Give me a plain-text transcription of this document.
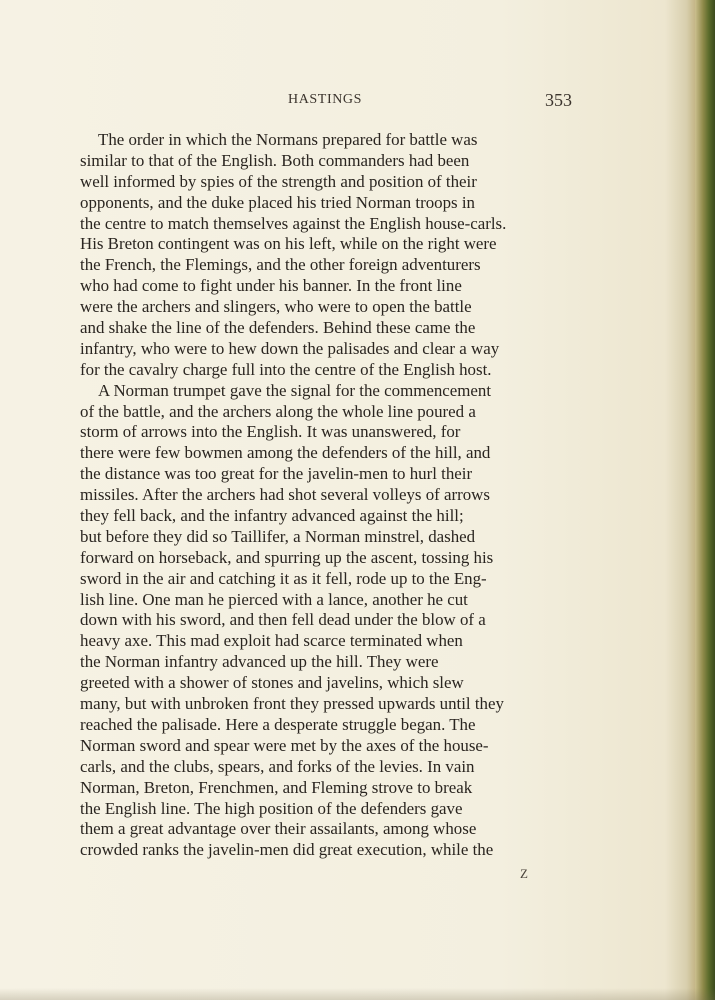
HASTINGS	353
The order in which the Normans prepared for battle was
similar to that of the English. Both commanders had been
well informed by spies of the strength and position of their
opponents, and the duke placed his tried Norman troops in
the centre to match themselves against the English house-carls.
His Breton contingent was on his left, while on the right were
the French, the Flemings, and the other foreign adventurers
who had come to fight under his banner. In the front line
were the archers and slingers, who were to open the battle
and shake the line of the defenders. Behind these came the
infantry, who were to hew down the palisades and clear a way
for the cavalry charge full into the centre of the English host.
A Norman trumpet gave the signal for the commencement
of the battle, and the archers along the whole line poured a
storm of arrows into the English. It was unanswered, for
there were few bowmen among the defenders of the hill, and
the distance was too great for the javelin-men to hurl their
missiles. After the archers had shot several volleys of arrows
they fell back, and the infantry advanced against the hill;
but before they did so Taillifer, a Norman minstrel, dashed
forward on horseback, and spurring up the ascent, tossing his
sword in the air and catching it as it fell, rode up to the Eng-
lish line. One man he pierced with a lance, another he cut
down with his sword, and then fell dead under the blow of a
heavy axe. This mad exploit had scarce terminated when
the Norman infantry advanced up the hill. They were
greeted with a shower of stones and javelins, which slew
many, but with unbroken front they pressed upwards until they
reached the palisade. Here a desperate struggle began. The
Norman sword and spear were met by the axes of the house-
carls, and the clubs, spears, and forks of the levies. In vain
Norman, Breton, Frenchmen, and Fleming strove to break
the English line. The high position of the defenders gave
them a great advantage over their assailants, among whose
crowded ranks the javelin-men did great execution, while the
Z
